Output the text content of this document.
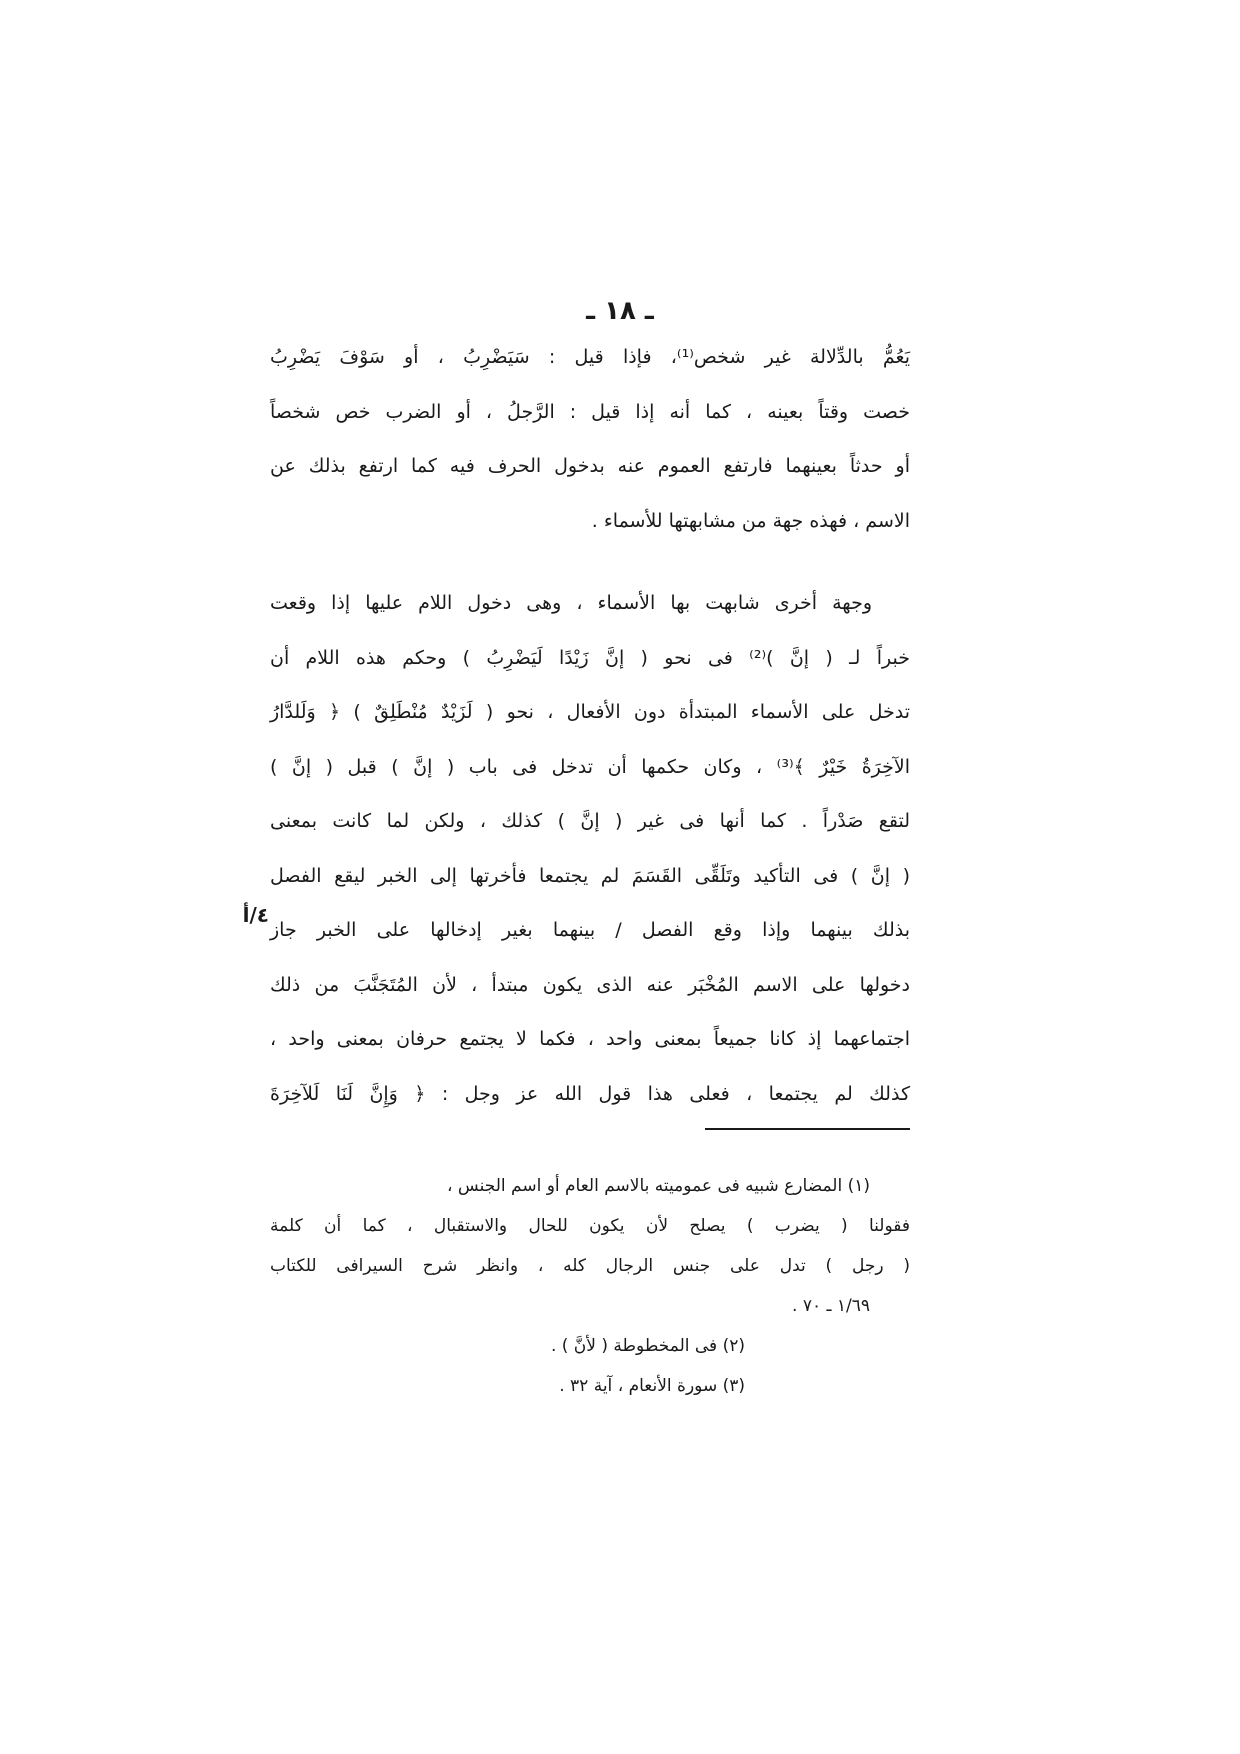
ـ ١٨ ـ
يَعُمُّ بالدِّلالة غير شخص⁽¹⁾، فإذا قيل : سَيَضْرِبُ ، أو سَوْفَ يَضْرِبُ
خصت وقتاً بعينه ، كما أنه إذا قيل : الرَّجلُ ، أو الضرب خص شخصاً
أو حدثاً بعينهما فارتفع العموم عنه بدخول الحرف فيه كما ارتفع بذلك عن
الاسم ، فهذه جهة من مشابهتها للأسماء .
وجهة أخرى شابهت بها الأسماء ، وهى دخول اللام عليها إذا وقعت
خبراً لـ ( إنَّ )⁽²⁾ فى نحو ( إنَّ زَيْدًا لَيَضْرِبُ ) وحكم هذه اللام أن
تدخل على الأسماء المبتدأة دون الأفعال ، نحو ( لَزَيْدٌ مُنْطَلِقٌ ) ﴿ وَلَلدَّارُ
الآخِرَةُ خَيْرٌ ﴾⁽³⁾ ، وكان حكمها أن تدخل فى باب ( إنَّ ) قبل ( إنَّ )
لتقع صَدْراً . كما أنها فى غير ( إنَّ ) كذلك ، ولكن لما كانت بمعنى
( إنَّ ) فى التأكيد وتَلَقِّى القَسَمَ لم يجتمعا فأخرتها إلى الخبر ليقع الفصل
بذلك بينهما وإذا وقع الفصل / بينهما بغير إدخالها على الخبر جاز
دخولها على الاسم المُخْبَر عنه الذى يكون مبتدأ ، لأن المُتَجَنَّبَ من ذلك
اجتماعهما إذ كانا جميعاً بمعنى واحد ، فكما لا يجتمع حرفان بمعنى واحد ،
كذلك لم يجتمعا ، فعلى هذا قول الله عز وجل : ﴿ وَإِنَّ لَنَا لَلآخِرَةَ
٤/أ
(١) المضارع شبيه فى عموميته بالاسم العام أو اسم الجنس ،
فقولنا ( يضرب ) يصلح لأن يكون للحال والاستقبال ، كما أن كلمة
( رجل ) تدل على جنس الرجال كله ، وانظر شرح السيرافى للكتاب
١/٦٩ ـ ٧٠ .
(٢) فى المخطوطة ( لأنَّ ) .
(٣) سورة الأنعام ، آية ٣٢ .
